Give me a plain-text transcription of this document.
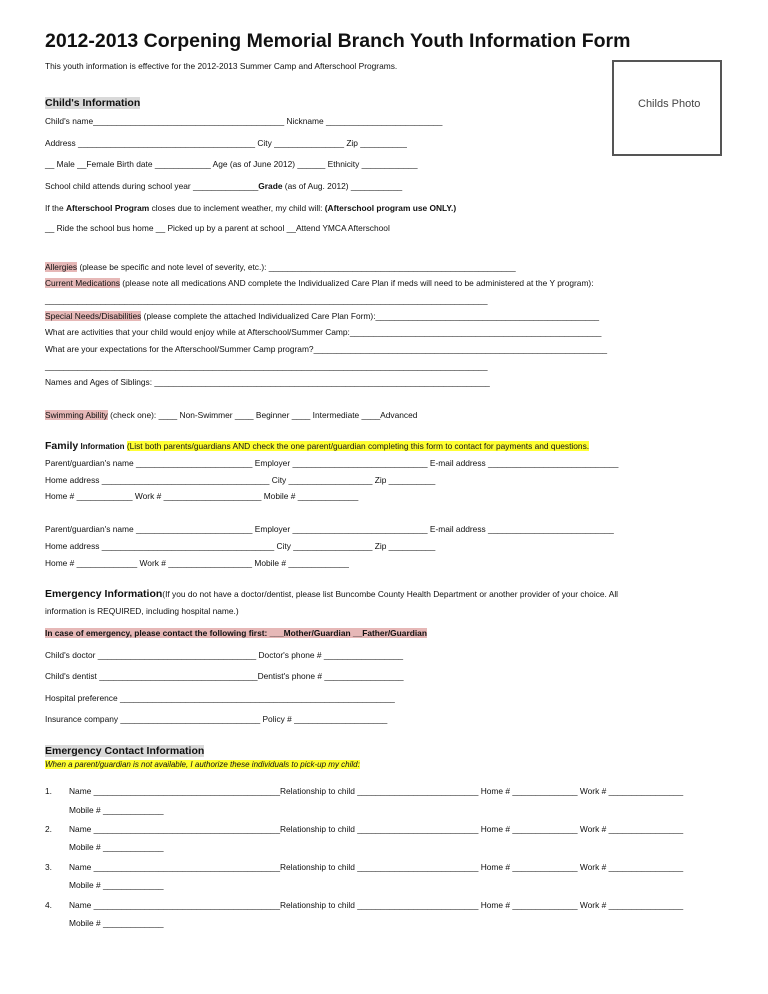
2012-2013 Corpening Memorial Branch Youth Information Form
This youth information is effective for the 2012-2013 Summer Camp and Afterschool Programs.
Childs Photo
Child's Information
Child's name_________________________________________ Nickname _________________________
Address ______________________________________ City _______________ Zip __________
__ Male __Female Birth date ____________ Age (as of June 2012) ______ Ethnicity ____________
School child attends during school year ______________Grade (as of Aug. 2012) ___________
If the Afterschool Program closes due to inclement weather, my child will: (Afterschool program use ONLY.)
__ Ride the school bus home __ Picked up by a parent at school __Attend YMCA Afterschool
Allergies (please be specific and note level of severity, etc.): _____________________________________________________
Current Medications (please note all medications AND complete the Individualized Care Plan if meds will need to be administered at the Y program):
_______________________________________________________________________________________________
Special Needs/Disabilities (please complete the attached Individualized Care Plan Form):________________________________________________
What are activities that your child would enjoy while at Afterschool/Summer Camp:______________________________________________________
What are your expectations for the Afterschool/Summer Camp program?_______________________________________________________________
_______________________________________________________________________________________________
Names and Ages of Siblings: ________________________________________________________________________
Swimming Ability (check one): ____ Non-Swimmer ____ Beginner ____ Intermediate ____Advanced
Family Information (List both parents/guardians AND check the one parent/guardian completing this form to contact for payments and questions.
Parent/guardian's name _________________________ Employer _____________________________ E-mail address ____________________________
Home address ____________________________________ City __________________ Zip __________
Home # ____________ Work # _____________________ Mobile # _____________
Parent/guardian's name _________________________ Employer _____________________________ E-mail address ___________________________
Home address _____________________________________ City _________________ Zip __________
Home # _____________ Work # __________________ Mobile # _____________
Emergency Information(If you do not have a doctor/dentist, please list Buncombe County Health Department or another provider of your choice. All
information is REQUIRED, including hospital name.)
In case of emergency, please contact the following first: ___Mother/Guardian __Father/Guardian
Child's doctor __________________________________ Doctor's phone # _________________
Child's dentist __________________________________Dentist's phone # _________________
Hospital preference ___________________________________________________________
Insurance company ______________________________ Policy # ____________________
Emergency Contact Information
When a parent/guardian is not available, I authorize these individuals to pick-up my child:
1. Name ________________________________________Relationship to child __________________________ Home # ______________ Work # ________________
Mobile # _____________
2. Name ________________________________________Relationship to child __________________________ Home # ______________ Work # ________________
Mobile # _____________
3. Name ________________________________________Relationship to child __________________________ Home # ______________ Work # ________________
Mobile # _____________
4. Name ________________________________________Relationship to child __________________________ Home # ______________ Work # ________________
Mobile # _____________
